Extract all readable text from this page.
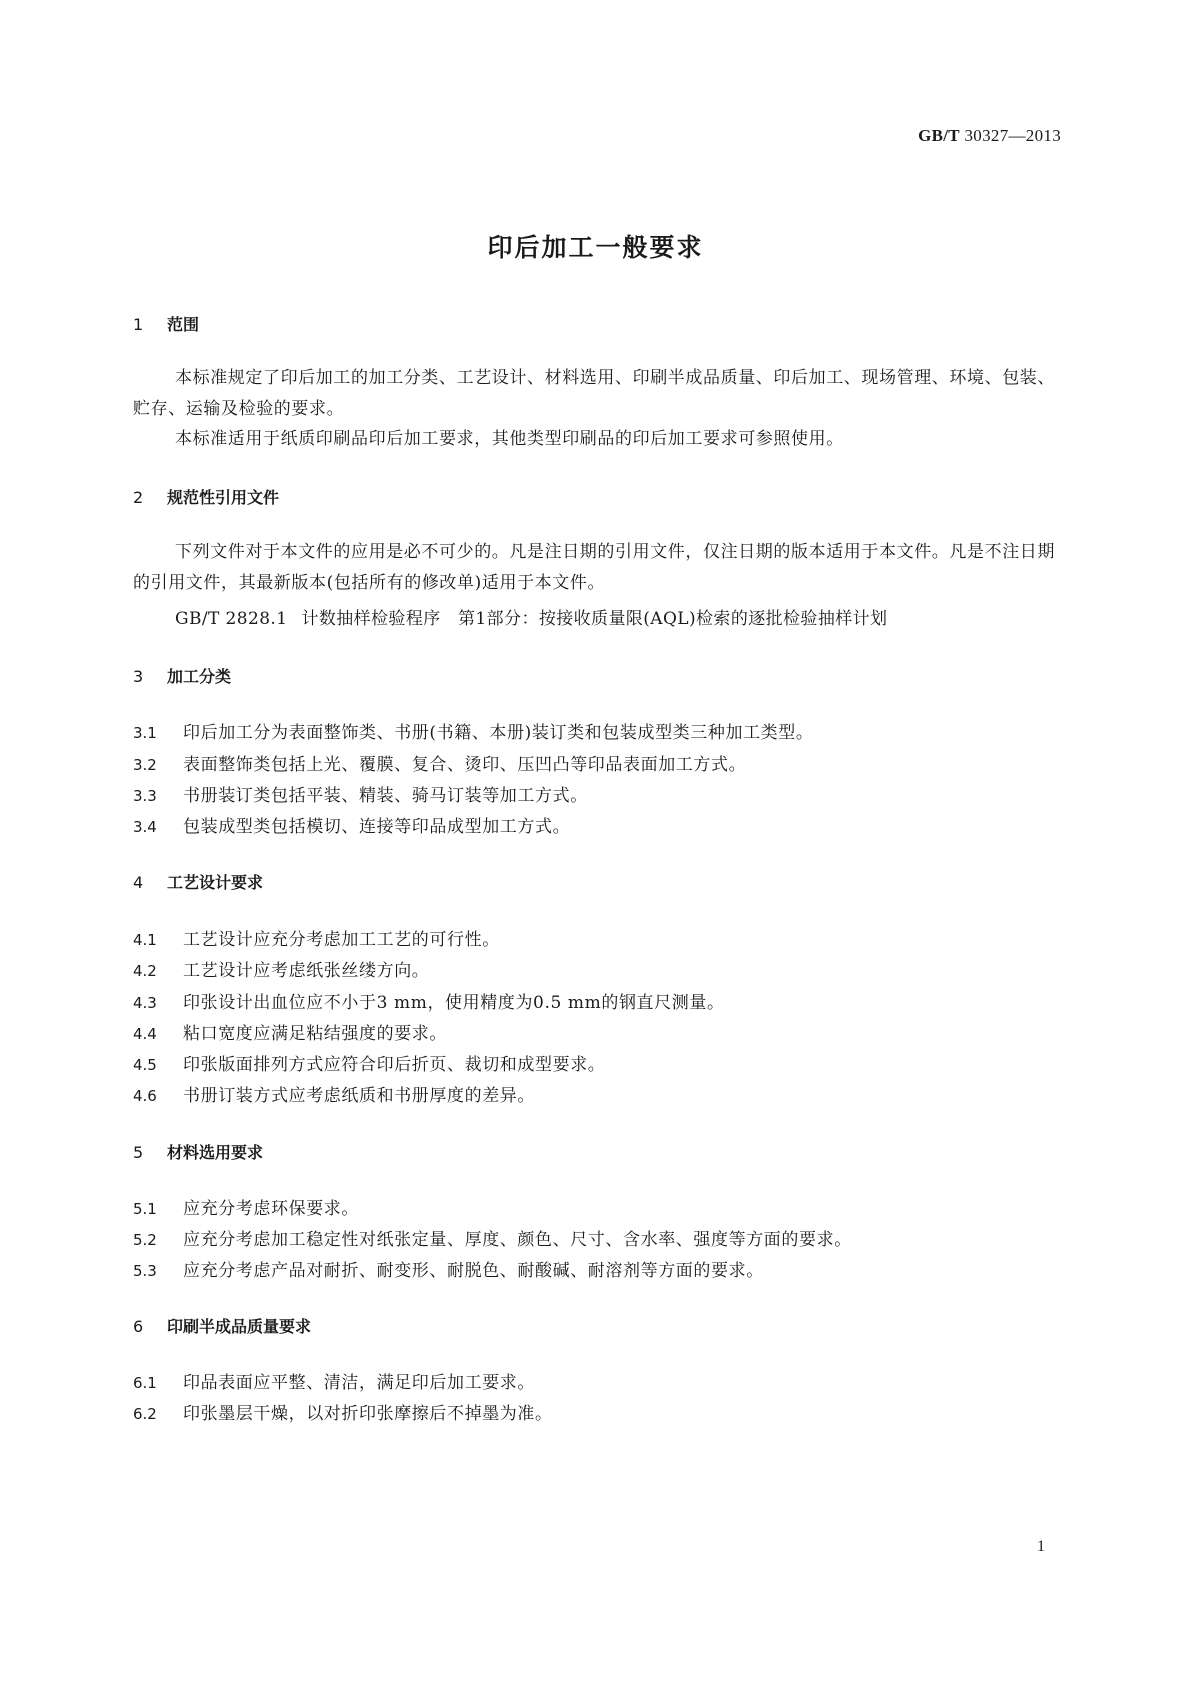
GB/T 30327—2013
印后加工一般要求
1 范围
本标准规定了印后加工的加工分类、工艺设计、材料选用、印刷半成品质量、印后加工、现场管理、环境、包装、贮存、运输及检验的要求。
本标准适用于纸质印刷品印后加工要求，其他类型印刷品的印后加工要求可参照使用。
2 规范性引用文件
下列文件对于本文件的应用是必不可少的。凡是注日期的引用文件，仅注日期的版本适用于本文件。凡是不注日期的引用文件，其最新版本(包括所有的修改单)适用于本文件。
GB/T 2828.1 计数抽样检验程序　第1部分：按接收质量限(AQL)检索的逐批检验抽样计划
3 加工分类
3.1 印后加工分为表面整饰类、书册(书籍、本册)装订类和包装成型类三种加工类型。
3.2 表面整饰类包括上光、覆膜、复合、烫印、压凹凸等印品表面加工方式。
3.3 书册装订类包括平装、精装、骑马订装等加工方式。
3.4 包装成型类包括模切、连接等印品成型加工方式。
4 工艺设计要求
4.1 工艺设计应充分考虑加工工艺的可行性。
4.2 工艺设计应考虑纸张丝缕方向。
4.3 印张设计出血位应不小于3 mm，使用精度为0.5 mm的钢直尺测量。
4.4 粘口宽度应满足粘结强度的要求。
4.5 印张版面排列方式应符合印后折页、裁切和成型要求。
4.6 书册订装方式应考虑纸质和书册厚度的差异。
5 材料选用要求
5.1 应充分考虑环保要求。
5.2 应充分考虑加工稳定性对纸张定量、厚度、颜色、尺寸、含水率、强度等方面的要求。
5.3 应充分考虑产品对耐折、耐变形、耐脱色、耐酸碱、耐溶剂等方面的要求。
6 印刷半成品质量要求
6.1 印品表面应平整、清洁，满足印后加工要求。
6.2 印张墨层干燥，以对折印张摩擦后不掉墨为准。
1
